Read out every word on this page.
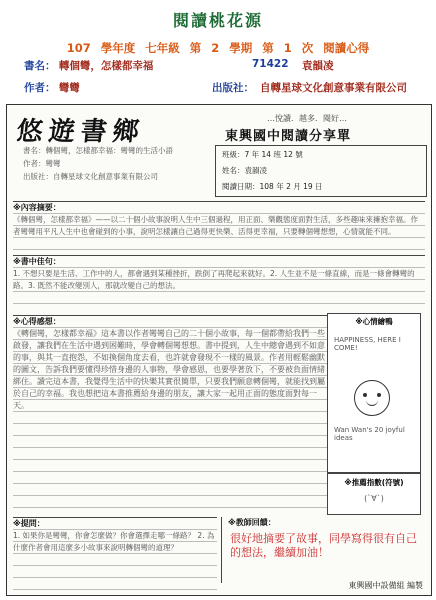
閱讀桃花源
107 學年度 七年級 第 2 學期 第 1 次 閱讀心得
書名： 轉個彎，怎樣都幸福	71422 袁韻凌
作者： 彎彎	出版社： 自轉星球文化創意事業有限公司
悠遊書鄉
書名：轉個彎，怎樣都幸福：彎彎的生活小語
作者：彎彎
出版社：自轉星球文化創意事業有限公司
…悅讀．越多．閱好…
東興國中閱讀分享單
班級：7 年 14 班 12 號
姓名：袁韻凌
閱讀日期：108 年 2 月 19 日
※內容摘要：
《轉個彎，怎樣都幸福》——以二十個小故事說明人生中三個過程，用正面、樂觀態度面對生活，多些趣味來擁抱幸福。作者彎彎用平凡人生中也會碰到的小事，說明怎樣讓自己過得更快樂、活得更幸福，只要轉個彎想想，心情就能不同。
※書中佳句：
1. 不想只要是生活、工作中的人，都會遇到某種挫折，跌倒了再爬起來就好。2. 人生並不是一條直線，而是一條會轉彎的路。3. 既然不能改變別人，那就改變自己的想法。
※心得感想：
《轉個彎，怎樣都幸福》這本書以作者彎彎自己的二十個小故事，每一個都帶給我們一些啟發，讓我們在生活中遇到困難時，學會轉個彎想想。書中提到，人生中總會遇到不如意的事，與其一直抱怨，不如換個角度去看，也許就會發現不一樣的風景。作者用輕鬆幽默的圖文，告訴我們要懂得珍惜身邊的人事物，學會感恩，也要學著放下，不要被負面情緒綁住。讀完這本書，我覺得生活中的快樂其實很簡單，只要我們願意轉個彎，就能找到屬於自己的幸福。我也想把這本書推薦給身邊的朋友，讓大家一起用正面的態度面對每一天。
※心情繪鴨
HAPPINESS, HERE I COME!
Wan Wan's 20 joyful ideas
※推薦指數(符號)
(`∀`)
※提問：
1. 如果你是彎彎，你會怎麼做？你會選擇走哪一條路？ 2. 為什麼作者會用這麼多小故事來說明轉個彎的道理？
※教師回饋：
很好地摘要了故事，同學寫得很有自己的想法，繼續加油！
東興國中設備組 編製
